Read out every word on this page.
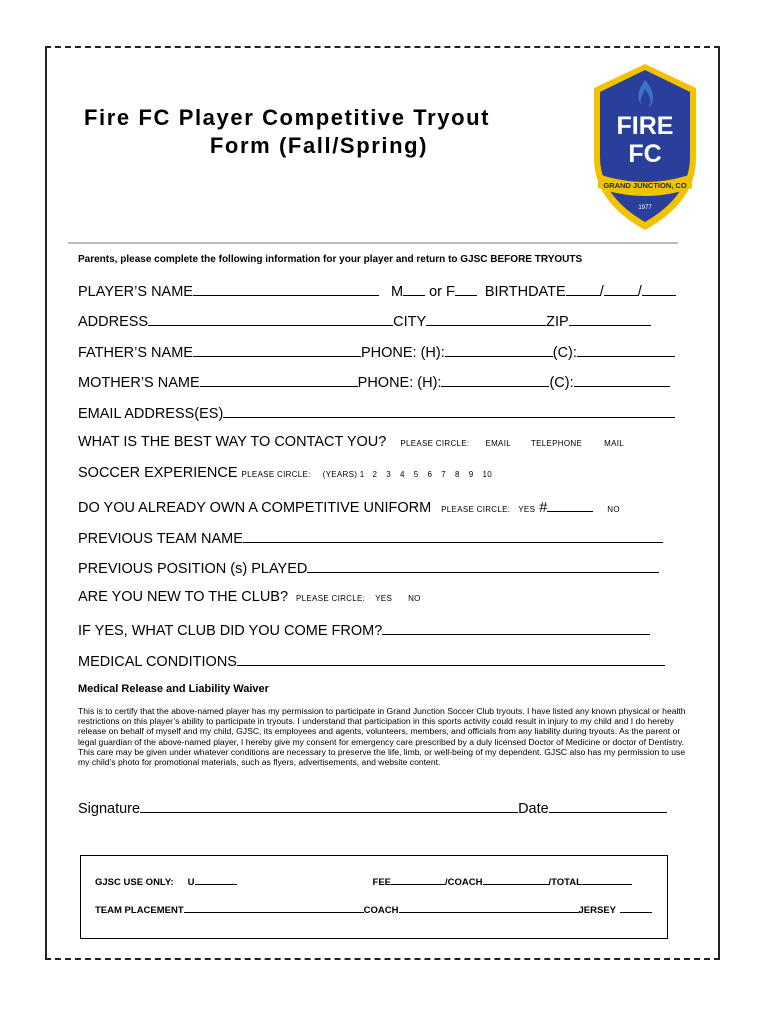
Fire FC Player Competitive Tryout
Form (Fall/Spring)
FIRE
FC
GRAND JUNCTION, CO
1977
Parents, please complete the following information for your player and return to GJSC BEFORE TRYOUTS
PLAYER’S NAME	M or F BIRTHDATE / /
ADDRESS	CITY	ZIP
FATHER’S NAME	PHONE: (H):	(C):
MOTHER’S NAME	PHONE: (H):	(C):
EMAIL ADDRESS(ES)
WHAT IS THE BEST WAY TO CONTACT YOU? PLEASE CIRCLE: EMAIL	TELEPHONE	MAIL
SOCCER EXPERIENCE PLEASE CIRCLE: (YEARS) 1 2 3 4 5 6 7 8 9 10
DO YOU ALREADY OWN A COMPETITIVE UNIFORM PLEASE CIRCLE: YES #	NO
PREVIOUS TEAM NAME
PREVIOUS POSITION (s) PLAYED
ARE YOU NEW TO THE CLUB? PLEASE CIRCLE: YES NO
IF YES, WHAT CLUB DID YOU COME FROM?
MEDICAL CONDITIONS
Medical Release and Liability Waiver
This is to certify that the above-named player has my permission to participate in Grand Junction Soccer Club tryouts. I have listed any known physical or health restrictions on this player’s ability to participate in tryouts. I understand that participation in this sports activity could result in injury to my child and I do hereby release on behalf of myself and my child, GJSC, its employees and agents, volunteers, members, and officials from any liability during tryouts. As the parent or legal guardian of the above-named player, I hereby give my consent for emergency care prescribed by a duly licensed Doctor of Medicine or doctor of Dentistry. This care may be given under whatever conditions are necessary to preserve the life, limb, or well-being of my dependent. GJSC also has my permission to use my child’s photo for promotional materials, such as flyers, advertisements, and website content.
Signature	Date
GJSC USE ONLY: U	FEE	/COACH	/TOTAL
TEAM PLACEMENT	COACH	JERSEY
